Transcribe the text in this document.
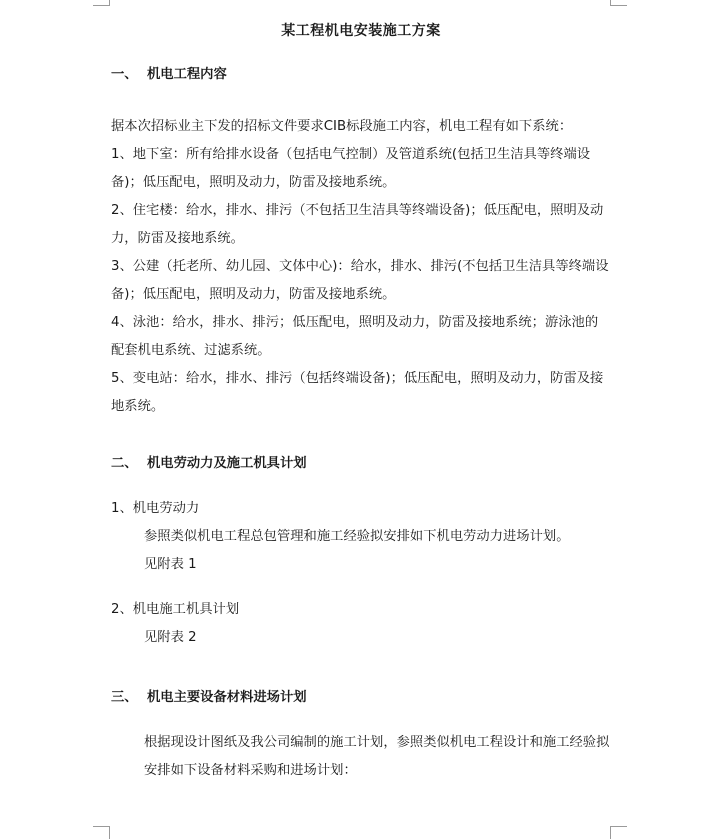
某工程机电安装施工方案
一、 机电工程内容

据本次招标业主下发的招标文件要求CIB标段施工内容，机电工程有如下系统：

1、地下室：所有给排水设备（包括电气控制）及管道系统(包括卫生洁具等终端设备)；低压配电，照明及动力，防雷及接地系统。

2、住宅楼：给水，排水、排污（不包括卫生洁具等终端设备)；低压配电，照明及动力，防雷及接地系统。

3、公建（托老所、幼儿园、文体中心)：给水，排水、排污(不包括卫生洁具等终端设备)；低压配电，照明及动力，防雷及接地系统。

4、泳池：给水，排水、排污；低压配电，照明及动力，防雷及接地系统；游泳池的配套机电系统、过滤系统。

5、变电站：给水，排水、排污（包括终端设备)；低压配电，照明及动力，防雷及接地系统。

二、 机电劳动力及施工机具计划

1、机电劳动力

参照类似机电工程总包管理和施工经验拟安排如下机电劳动力进场计划。

见附表 1

2、机电施工机具计划

见附表 2

三、 机电主要设备材料进场计划

根据现设计图纸及我公司编制的施工计划，参照类似机电工程设计和施工经验拟安排如下设备材料采购和进场计划：
